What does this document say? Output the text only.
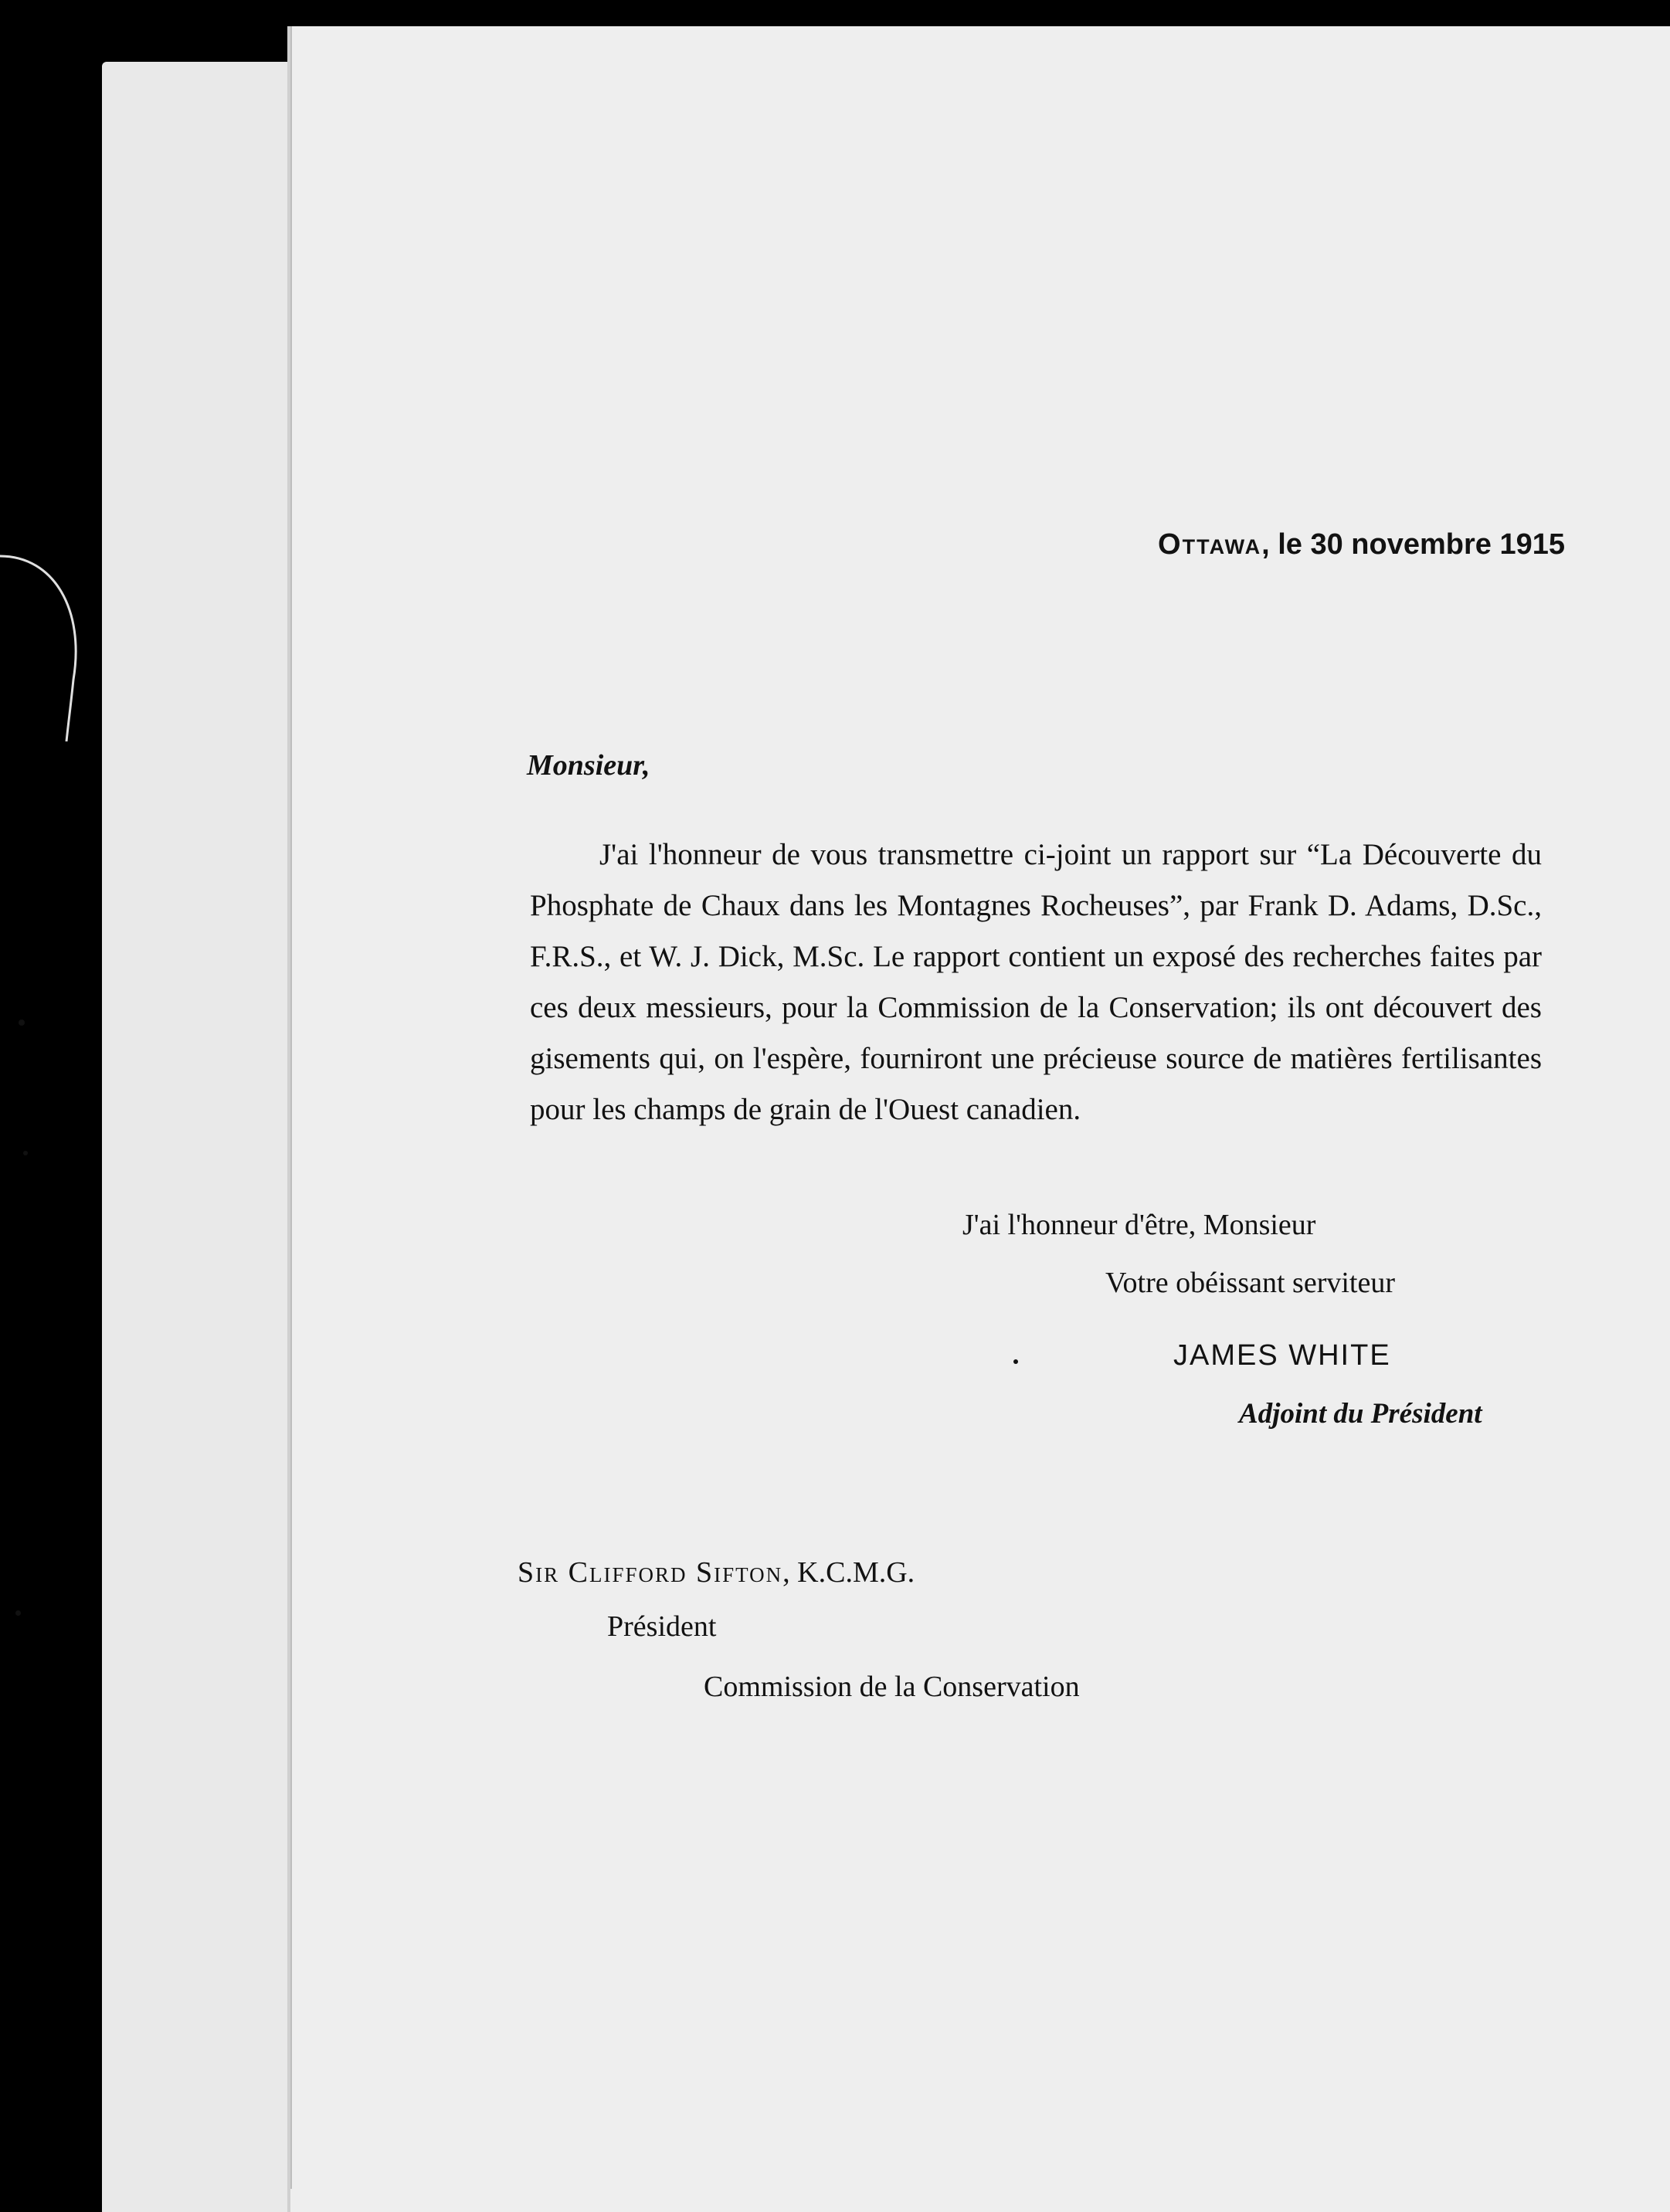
Ottawa, le 30 novembre 1915
Monsieur,

J'ai l'honneur de vous transmettre ci-joint un rapport sur “La Découverte du Phosphate de Chaux dans les Montagnes Rocheuses”, par Frank D. Adams, D.Sc., F.R.S., et W. J. Dick, M.Sc. Le rapport contient un exposé des recherches faites par ces deux messieurs, pour la Commission de la Conservation; ils ont découvert des gisements qui, on l'espère, fourniront une précieuse source de matières fertilisantes pour les champs de grain de l'Ouest canadien.

J'ai l'honneur d'être, Monsieur
Votre obéissant serviteur
JAMES WHITE
Adjoint du Président
Sir Clifford Sifton, K.C.M.G.
Président
Commission de la Conservation
